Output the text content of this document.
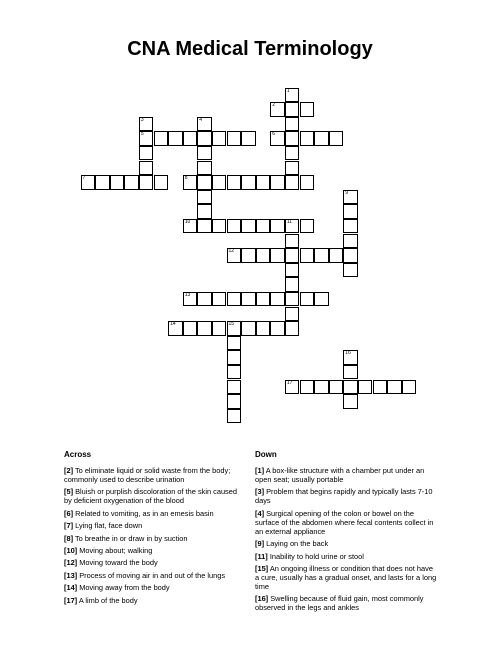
CNA Medical Terminology
1
2
3
5
4
6
7	8
9
10	11
12
13
14	15
16
17
Across	Down
[2] To eliminate liquid or solid waste from the body; commonly used to describe urination
[5] Bluish or purplish discoloration of the skin caused by deficient oxygenation of the blood
[6] Related to vomiting, as in an emesis basin
[7] Lying flat, face down
[8] To breathe in or draw in by suction
[10] Moving about; walking
[12] Moving toward the body
[13] Process of moving air in and out of the lungs
[14] Moving away from the body
[17] A limb of the body
[1] A box-like structure with a chamber put under an open seat; usually portable
[3] Problem that begins rapidly and typically lasts 7-10 days
[4] Surgical opening of the colon or bowel on the surface of the abdomen where fecal contents collect in an external appliance
[9] Laying on the back
[11] Inability to hold urine or stool
[15] An ongoing illness or condition that does not have a cure, usually has a gradual onset, and lasts for a long time
[16] Swelling because of fluid gain, most commonly observed in the legs and ankles
